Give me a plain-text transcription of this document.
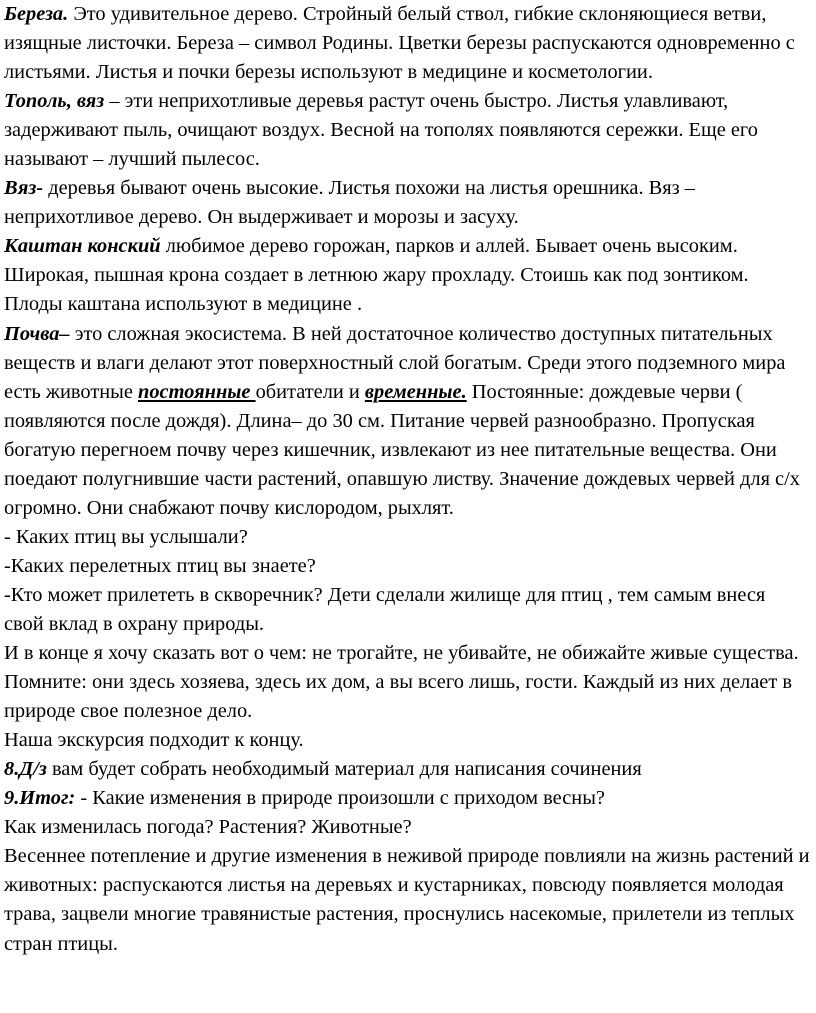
Береза. Это удивительное дерево. Стройный белый ствол, гибкие склоняющиеся ветви, изящные листочки. Береза – символ Родины. Цветки березы распускаются одновременно с листьями. Листья и почки березы используют в медицине и косметологии.

Тополь, вяз – эти неприхотливые деревья растут очень быстро. Листья улавливают, задерживают пыль, очищают воздух. Весной на тополях появляются сережки. Еще его называют – лучший пылесос.

Вяз- деревья бывают очень высокие. Листья похожи на листья орешника. Вяз – неприхотливое дерево. Он выдерживает и морозы и засуху.

Каштан конский любимое дерево горожан, парков и аллей. Бывает очень высоким. Широкая, пышная крона создает в летнюю жару прохладу. Стоишь как под зонтиком. Плоды каштана используют в медицине .

Почва– это сложная экосистема. В ней достаточное количество доступных питательных веществ и влаги делают этот поверхностный слой богатым. Среди этого подземного мира есть животные постоянные обитатели и временные. Постоянные: дождевые черви ( появляются после дождя). Длина– до 30 см. Питание червей разнообразно. Пропуская богатую перегноем почву через кишечник, извлекают из нее питательные вещества. Они поедают полугнившие части растений, опавшую листву. Значение дождевых червей для с/х огромно. Они снабжают почву кислородом, рыхлят.

- Каких птиц вы услышали?

-Каких перелетных птиц вы знаете?

-Кто может прилететь в скворечник? Дети сделали жилище для птиц , тем самым внеся свой вклад в охрану природы.

И в конце я хочу сказать вот о чем: не трогайте, не убивайте, не обижайте живые существа. Помните: они здесь хозяева, здесь их дом, а вы всего лишь, гости. Каждый из них делает в природе свое полезное дело.

Наша экскурсия подходит к концу.

8.Д/з вам будет собрать необходимый материал для написания сочинения

9.Итог: - Какие изменения в природе произошли с приходом весны?

Как изменилась погода? Растения? Животные?

Весеннее потепление и другие изменения в неживой природе повлияли на жизнь растений и животных: распускаются листья на деревьях и кустарниках, повсюду появляется молодая трава, зацвели многие травянистые растения, проснулись насекомые, прилетели из теплых стран птицы.
